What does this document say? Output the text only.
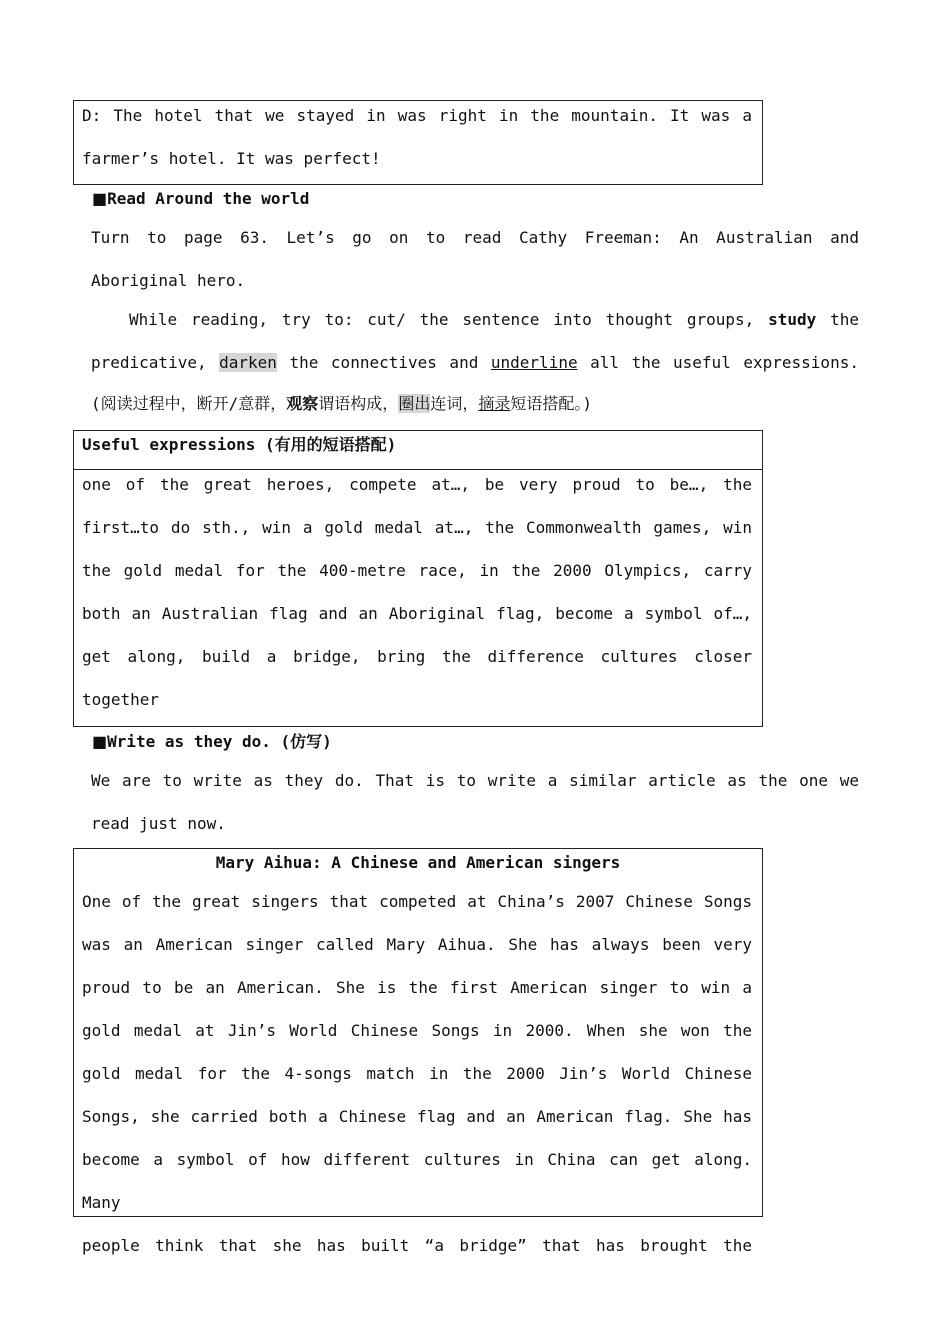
D: The hotel that we stayed in was right in the mountain. It was a
farmer’s hotel. It was perfect!
■Read Around the world
Turn to page 63. Let’s go on to read Cathy Freeman: An Australian and
Aboriginal hero.
While reading, try to: cut/ the sentence into thought groups, study the
predicative, darken the connectives and underline all the useful expressions.
(阅读过程中，断开/意群，观察谓语构成，圈出连词，摘录短语搭配。)
Useful expressions (有用的短语搭配)
one of the great heroes, compete at…, be very proud to be…, the
first…to do sth., win a gold medal at…, the Commonwealth games, win
the gold medal for the 400-metre race, in the 2000 Olympics, carry
both an Australian flag and an Aboriginal flag, become a symbol of…,
get along, build a bridge, bring the difference cultures closer
together
■Write as they do. (仿写)
We are to write as they do. That is to write a similar article as the one we
read just now.
Mary Aihua: A Chinese and American singers
One of the great singers that competed at China’s 2007 Chinese Songs
was an American singer called Mary Aihua. She has always been very
proud to be an American. She is the first American singer to win a
gold medal at Jin’s World Chinese Songs in 2000. When she won the
gold medal for the 4-songs match in the 2000 Jin’s World Chinese
Songs, she carried both a Chinese flag and an American flag. She has
become a symbol of how different cultures in China can get along. Many
people think that she has built “a bridge” that has brought the
